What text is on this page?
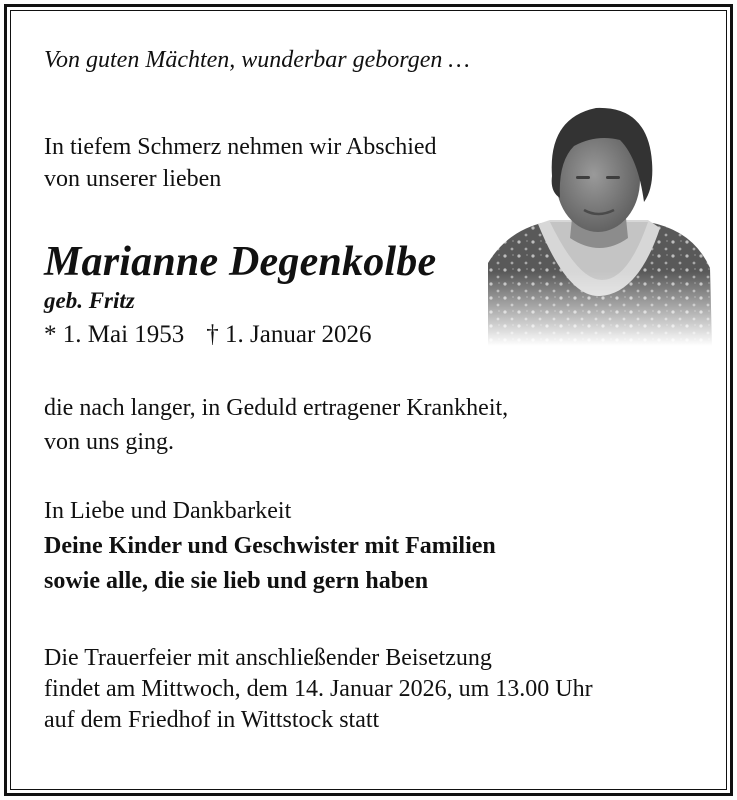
Von guten Mächten, wunderbar geborgen …
In tiefem Schmerz nehmen wir Abschied
von unserer lieben
Marianne Degenkolbe
geb. Fritz
* 1. Mai 1953 † 1. Januar 2026
die nach langer, in Geduld ertragener Krankheit,
von uns ging.
In Liebe und Dankbarkeit
Deine Kinder und Geschwister mit Familien
sowie alle, die sie lieb und gern haben
Die Trauerfeier mit anschließender Beisetzung
findet am Mittwoch, dem 14. Januar 2026, um 13.00 Uhr
auf dem Friedhof in Wittstock statt
